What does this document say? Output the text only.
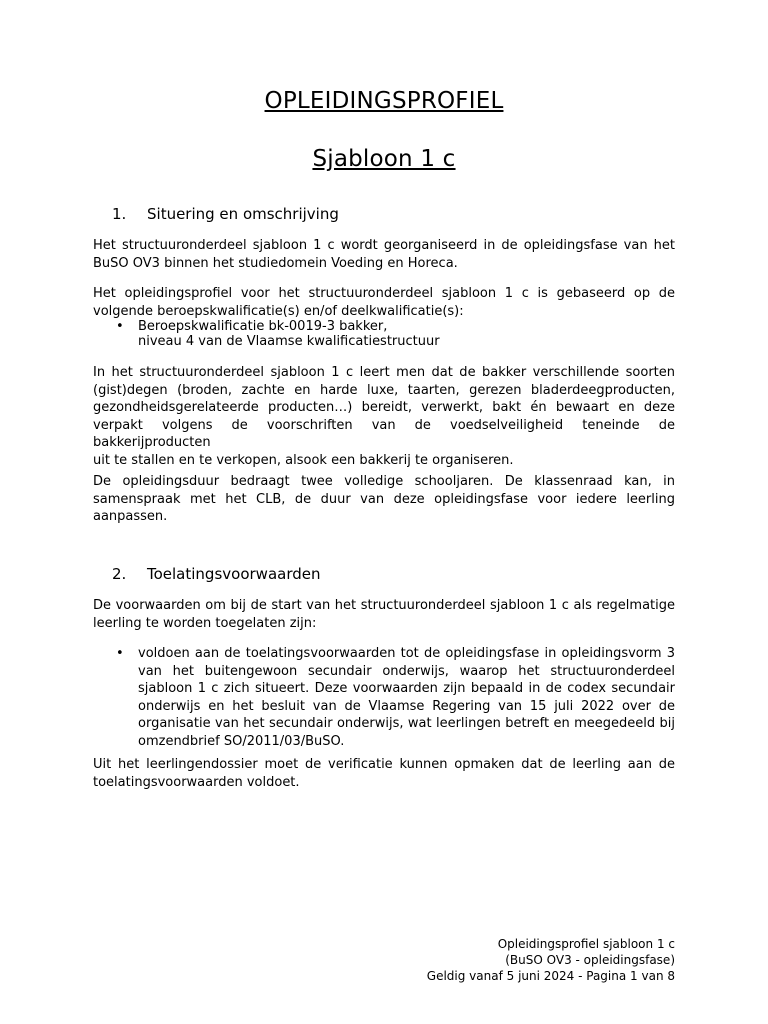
OPLEIDINGSPROFIEL
Sjabloon 1 c
1. Situering en omschrijving
Het structuuronderdeel sjabloon 1 c wordt georganiseerd in de opleidingsfase van het
BuSO OV3 binnen het studiedomein Voeding en Horeca.
Het opleidingsprofiel voor het structuuronderdeel sjabloon 1 c is gebaseerd op de
volgende beroepskwalificatie(s) en/of deelkwalificatie(s):
• Beroepskwalificatie bk-0019-3 bakker,
niveau 4 van de Vlaamse kwalificatiestructuur
In het structuuronderdeel sjabloon 1 c leert men dat de bakker verschillende soorten
(gist)degen (broden, zachte en harde luxe, taarten, gerezen bladerdeegproducten,
gezondheidsgerelateerde producten…) bereidt, verwerkt, bakt én bewaart en deze
verpakt volgens de voorschriften van de voedselveiligheid teneinde de bakkerijproducten
uit te stallen en te verkopen, alsook een bakkerij te organiseren.
De opleidingsduur bedraagt twee volledige schooljaren. De klassenraad kan, in
samenspraak met het CLB, de duur van deze opleidingsfase voor iedere leerling
aanpassen.
2. Toelatingsvoorwaarden
De voorwaarden om bij de start van het structuuronderdeel sjabloon 1 c als regelmatige
leerling te worden toegelaten zijn:
• voldoen aan de toelatingsvoorwaarden tot de opleidingsfase in opleidingsvorm 3
van het buitengewoon secundair onderwijs, waarop het structuuronderdeel
sjabloon 1 c zich situeert. Deze voorwaarden zijn bepaald in de codex secundair
onderwijs en het besluit van de Vlaamse Regering van 15 juli 2022 over de
organisatie van het secundair onderwijs, wat leerlingen betreft en meegedeeld bij
omzendbrief SO/2011/03/BuSO.
Uit het leerlingendossier moet de verificatie kunnen opmaken dat de leerling aan de
toelatingsvoorwaarden voldoet.
Opleidingsprofiel sjabloon 1 c
(BuSO OV3 - opleidingsfase)
Geldig vanaf 5 juni 2024 - Pagina 1 van 8
